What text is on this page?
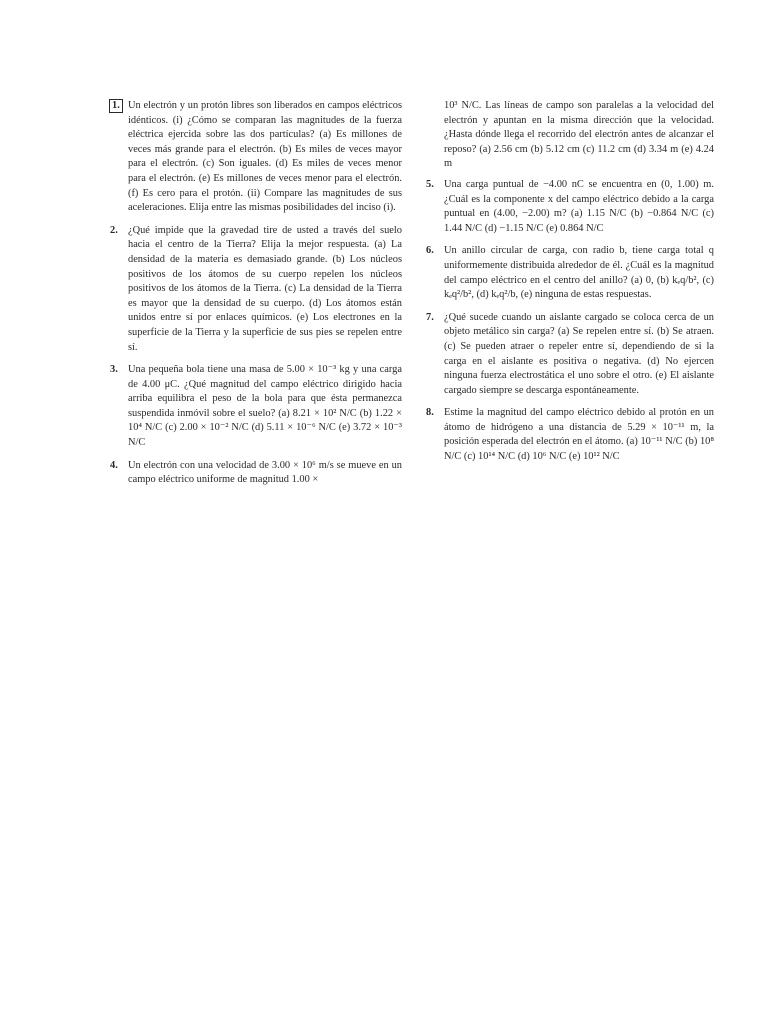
1. Un electrón y un protón libres son liberados en campos eléctricos idénticos. (i) ¿Cómo se comparan las magnitudes de la fuerza eléctrica ejercida sobre las dos partículas? (a) Es millones de veces más grande para el electrón. (b) Es miles de veces mayor para el electrón. (c) Son iguales. (d) Es miles de veces menor para el electrón. (e) Es millones de veces menor para el electrón. (f) Es cero para el protón. (ii) Compare las magnitudes de sus aceleraciones. Elija entre las mismas posibilidades del inciso (i).

2. ¿Qué impide que la gravedad tire de usted a través del suelo hacia el centro de la Tierra? Elija la mejor respuesta. (a) La densidad de la materia es demasiado grande. (b) Los núcleos positivos de los átomos de su cuerpo repelen los núcleos positivos de los átomos de la Tierra. (c) La densidad de la Tierra es mayor que la densidad de su cuerpo. (d) Los átomos están unidos entre sí por enlaces químicos. (e) Los electrones en la superficie de la Tierra y la superficie de sus pies se repelen entre sí.

3. Una pequeña bola tiene una masa de 5.00 × 10⁻³ kg y una carga de 4.00 μC. ¿Qué magnitud del campo eléctrico dirigido hacia arriba equilibra el peso de la bola para que ésta permanezca suspendida inmóvil sobre el suelo? (a) 8.21 × 10² N/C (b) 1.22 × 10⁴ N/C (c) 2.00 × 10⁻² N/C (d) 5.11 × 10⁻⁶ N/C (e) 3.72 × 10⁻³ N/C

4. Un electrón con una velocidad de 3.00 × 10⁶ m/s se mueve en un campo eléctrico uniforme de magnitud 1.00 ×

10³ N/C. Las líneas de campo son paralelas a la velocidad del electrón y apuntan en la misma dirección que la velocidad. ¿Hasta dónde llega el recorrido del electrón antes de alcanzar el reposo? (a) 2.56 cm (b) 5.12 cm (c) 11.2 cm (d) 3.34 m (e) 4.24 m

5. Una carga puntual de −4.00 nC se encuentra en (0, 1.00) m. ¿Cuál es la componente x del campo eléctrico debido a la carga puntual en (4.00, −2.00) m? (a) 1.15 N/C (b) −0.864 N/C (c) 1.44 N/C (d) −1.15 N/C (e) 0.864 N/C

6. Un anillo circular de carga, con radio b, tiene carga total q uniformemente distribuida alrededor de él. ¿Cuál es la magnitud del campo eléctrico en el centro del anillo? (a) 0, (b) kₑq/b², (c) kₑq²/b², (d) kₑq²/b, (e) ninguna de estas respuestas.

7. ¿Qué sucede cuando un aislante cargado se coloca cerca de un objeto metálico sin carga? (a) Se repelen entre sí. (b) Se atraen. (c) Se pueden atraer o repeler entre sí, dependiendo de si la carga en el aislante es positiva o negativa. (d) No ejercen ninguna fuerza electrostática el uno sobre el otro. (e) El aislante cargado siempre se descarga espontáneamente.

8. Estime la magnitud del campo eléctrico debido al protón en un átomo de hidrógeno a una distancia de 5.29 × 10⁻¹¹ m, la posición esperada del electrón en el átomo. (a) 10⁻¹¹ N/C (b) 10⁸ N/C (c) 10¹⁴ N/C (d) 10⁶ N/C (e) 10¹² N/C
